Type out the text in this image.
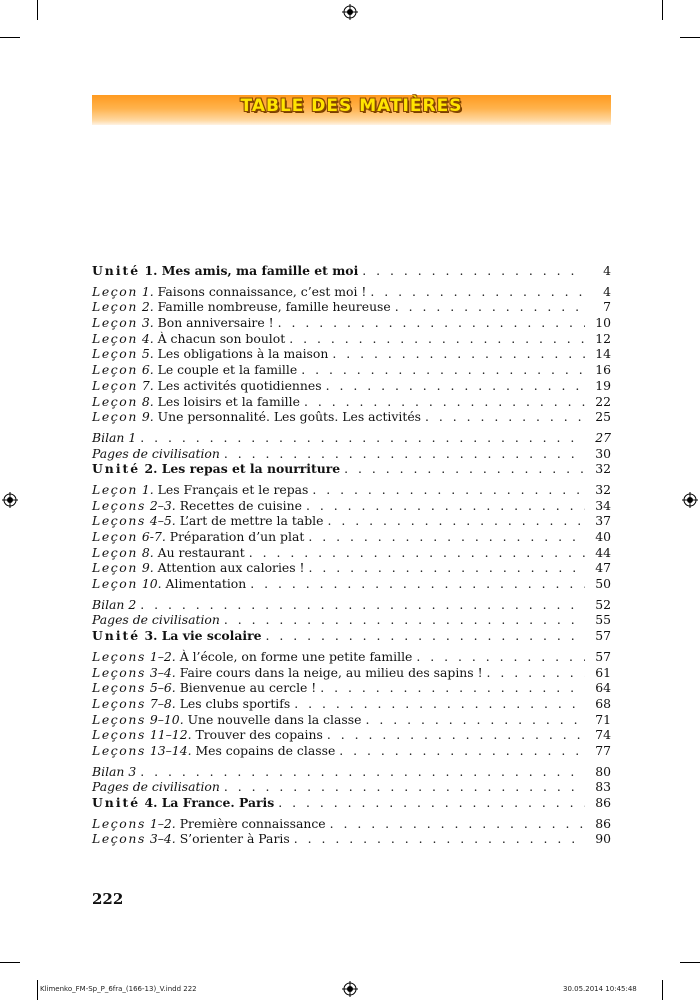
TABLE DES MATIÈRES
Unité 1. Mes amis, ma famille et moi . . .	4
Leçon 1. Faisons connaissance, c’est moi ! . . .	4
Leçon 2. Famille nombreuse, famille heureuse . . .	7
Leçon 3. Bon anniversaire ! . . .	10
Leçon 4. À chacun son boulot . . .	12
Leçon 5. Les obligations à la maison . . .	14
Leçon 6. Le couple et la famille . . .	16
Leçon 7. Les activités quotidiennes . . .	19
Leçon 8. Les loisirs et la famille . . .	22
Leçon 9. Une personnalité. Les goûts. Les activités . . .	25
Bilan 1 . . .	27
Pages de civilisation . . .	30
Unité 2. Les repas et la nourriture . . .	32
Leçon 1. Les Français et le repas . . .	32
Leçons 2–3. Recettes de cuisine . . .	34
Leçons 4–5. L’art de mettre la table . . .	37
Leçon 6-7. Préparation d’un plat . . .	40
Leçon 8. Au restaurant . . .	44
Leçon 9. Attention aux calories ! . . .	47
Leçon 10. Alimentation . . .	50
Bilan 2 . . .	52
Pages de civilisation . . .	55
Unité 3. La vie scolaire . . .	57
Leçons 1–2. À l’école, on forme une petite famille . . .	57
Leçons 3–4. Faire cours dans la neige, au milieu des sapins ! . . .	61
Leçons 5–6. Bienvenue au cercle ! . . .	64
Leçons 7–8. Les clubs sportifs . . .	68
Leçons 9–10. Une nouvelle dans la classe . . .	71
Leçons 11–12. Trouver des copains . . .	74
Leçons 13–14. Mes copains de classe . . .	77
Bilan 3 . . .	80
Pages de civilisation . . .	83
Unité 4. La France. Paris . . .	86
Leçons 1–2. Première connaissance . . .	86
Leçons 3–4. S’orienter à Paris . . .	90
222
Klimenko_FM-Sp_P_6fra_(166-13)_V.indd 222	30.05.2014 10:45:48
